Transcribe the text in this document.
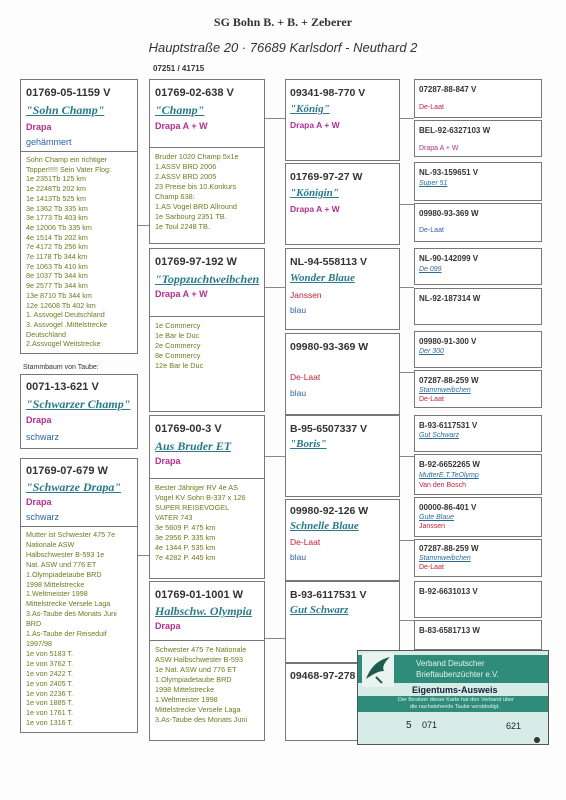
SG Bohn B. + B. + Zeberer
Hauptstraße 20 · 76689 Karlsdorf - Neuthard 2
07251 / 41715
01769-05-1159 V
"Sohn Champ"
Drapa
gehämmert
Sohn Champ ein richtiger
Topper!!!!! Sein Vater Flog:
1e 2351Tb 125 km
1e 2248Tb 202 km
1e 1413Tb 525 km
3e 1362 Tb 335 km
3e 1773 Tb 403 km
4e 12006 Tb 335 km
4e 1514 Tb 202 km
7e 4172 Tb 256 km
7e 1178 Tb 344 km
7e 1063 Tb 410 km
8e 1037 Tb 344 km
9e 2577 Tb 344 km
13e 8710 Tb 344 km
12e 12608 Tb 402 km
1. Assvogel Deutschland
3. Assvogel .Mittelstrecke
Deutschland
2.Assvogel Weitstrecke
Stammbaum von Taube:
0071-13-621 V
"Schwarzer Champ"
Drapa
schwarz
01769-07-679 W
"Schwarze Drapa"
Drapa
schwarz
Mutter ist Schwester 475 7e
Nationale ASW
Halbschwester B-593 1e
Nat. ASW und 776 ET
1.Olympiadetaube BRD
1998 Mittelstrecke
1.Weltmeister 1998
Mittelstrecke Versele Laga
3.As-Taube des Monats Juni
BRD
1.As-Taube der Reiseduif
1997/98
1e von 5183 T.
1e von 3762 T.
1e von 2422 T.
1e von 2405 T.
1e von 2236 T.
1e von 1885 T.
1e von 1761 T.
1e von 1316 T.
01769-02-638 V
"Champ"
Drapa A + W
Bruder 1020 Champ 5x1e
1.ASSV BRD 2006
2.ASSV BRD 2005
23 Preise bis 10.Konkurs
Champ 638:
1.AS Vogel BRD Allround
1e Sarbourg 2351 TB.
1e Toul 2248 TB.
01769-97-192 W
"Toppzuchtweibchen
Drapa A + W
1e Commercy
1e Bar le Duc
2e Commercy
8e Commercy
12e Bar le Duc
01769-00-3 V
Aus Bruder ET
Drapa
Bester Jähriger RV 4e AS
Vogel KV Sohn B-337 x 126
SUPER REISEVOGEL
VATER 743
3e 5609 P. 475 km
3e 2956 P. 335 km
4e 1344 P. 535 km
7e 4282 P. 445 km
01769-01-1001 W
Halbschw. Olympia
Drapa
Schwester 475 7e Nationale
ASW Halbschwester B-593
1e Nat. ASW und 776 ET
1.Olympiadetaube BRD
1998 Mittelstrecke
1.Weltmeister 1998
Mittelstrecke Versele Laga
3.As-Taube des Monats Juni
09341-98-770 V
"König"
Drapa A + W
01769-97-27 W
"Königin"
Drapa A + W
NL-94-558113 V
Wonder Blaue
Janssen
blau
09980-93-369 W
De-Laat
blau
B-95-6507337 V
"Boris"
09980-92-126 W
Schnelle Blaue
De-Laat
blau
B-93-6117531 V
Gut Schwarz
09468-97-278
07287-88-847 V
De-Laat
BEL-92-6327103 W
Drapa A + W
NL-93-159651 V
Super 51
09980-93-369 W
De-Laat
NL-90-142099 V
De 099
NL-92-187314 W
09980-91-300 V
Der 300
07287-88-259 W
Stammweibchen
De-Laat
B-93-6117531 V
Gut Schwarz
B-92-6652265 W
MutterE.T.TeOlymp
Van den Bosch
00000-86-401 V
Gute Blaue
Janssen
07287-88-259 W
Stammweibchen
De-Laat
B-92-6631013 V
B-83-6581713 W
Verband Deutscher
Brieftaubenzüchter e.V.
Eigentums-Ausweis
Der Besitzer dieser Karte hat den Verband über
die nachstehende Taube verständigt.
5 071	621
